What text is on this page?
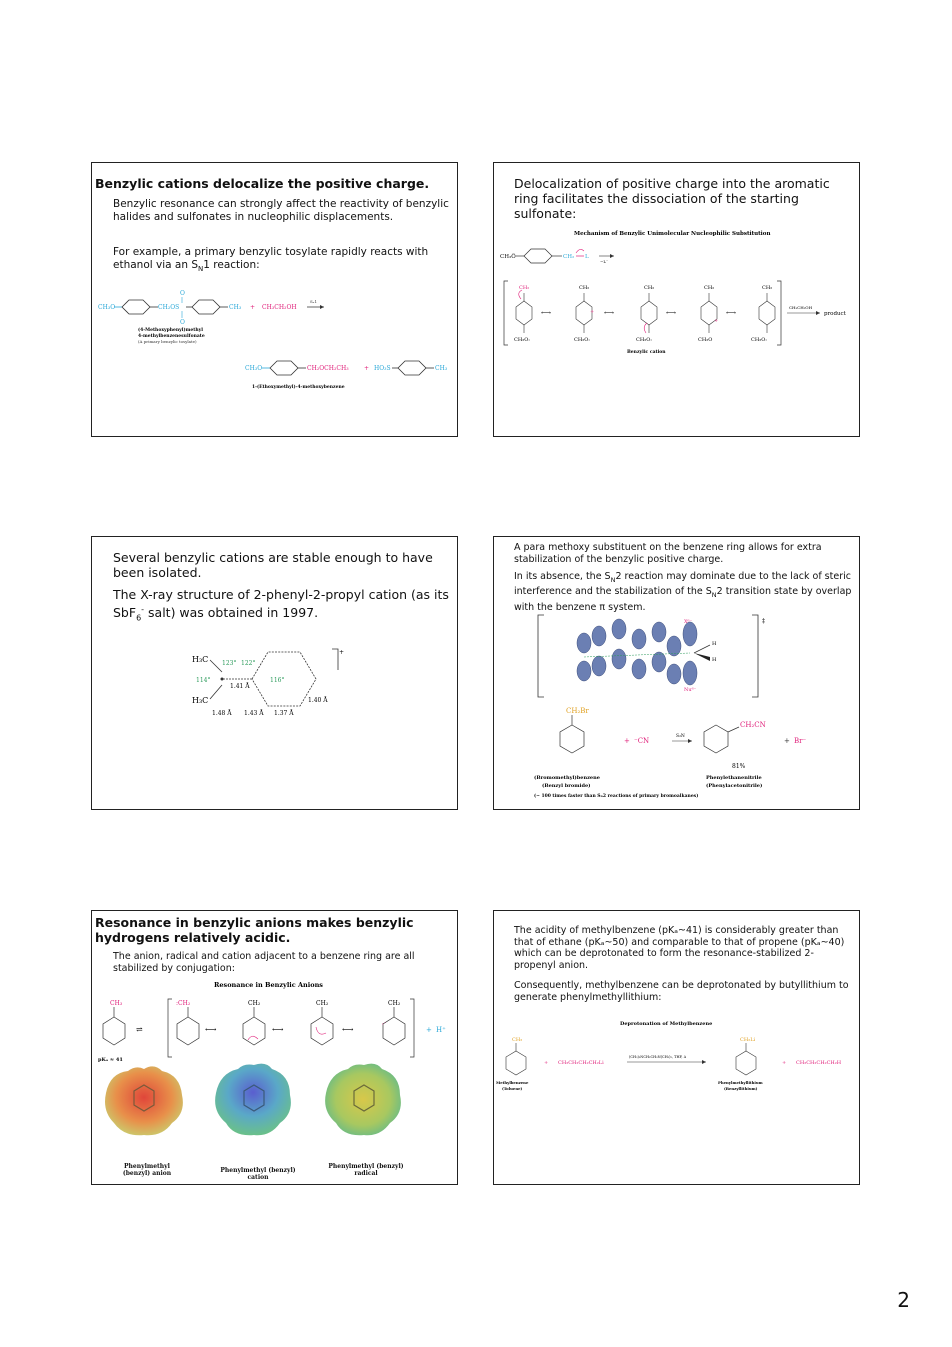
Benzylic cations delocalize the positive charge.
Benzylic resonance can strongly affect the reactivity of benzylic halides and sulfonates in nucleophilic displacements.
For example, a primary benzylic tosylate rapidly reacts with ethanol via an $S_N1$ reaction:
CH₃O	CH₂OS
O
O
CH₃ + CH₃CH₂OH
Sₙ1
(4-Methoxyphenyl)methyl
4-methylbenzenesulfonate
(A primary benzylic tosylate)
CH₃O	CH₂OCH₂CH₃	+ HO₃S	CH₃
1-(Ethoxymethyl)-4-methoxybenzene
Delocalization of positive charge into the aromatic ring facilitates the dissociation of the starting sulfonate:
Mechanism of Benzylic Unimolecular Nucleophilic Substitution
CH₃Ö	CH₂ L
−L⁻
CH₂
CH₃O:
⟷
CH₂
CH₃O:
+ ⟷
CH₂
CH₃O:
⟷
CH₂
CH₃O
+
⟷
CH₂
CH₃O:
Benzylic cation
CH₃CH₂OH
product
Several benzylic cations are stable enough to have been isolated.
The X-ray structure of 2-phenyl-2-propyl cation (as its SbF$_6$- salt) was obtained in 1997.
H₃C
H₃C
+
123° 122°
114°	116°
1.41 Å
1.40 Å
1.48 Å 1.43 Å 1.37 Å
A para methoxy substituent on the benzene ring allows for extra stabilization of the benzylic positive charge.
In its absence, the $S_N2$ reaction may dominate due to the lack of steric interference and the stabilization of the $S_N2$ transition state by overlap with the benzene π system.
‡
X⁶⁻
Nu⁶⁻
H
H
CH₂Br
+ ⁻CN
S₂N
CH₂CN
+ Br⁻
81%
(Bromomethyl)benzene
(Benzyl bromide)
Phenylethanenitrile
(Phenylacetonitrile)
(~ 100 times faster than Sₙ2 reactions of primary bromoalkanes)
Resonance in benzylic anions makes benzylic hydrogens relatively acidic.
The anion, radical and cation adjacent to a benzene ring are all stabilized by conjugation:
Resonance in Benzylic Anions
CH₃
⇌
:CH₂
⟷
CH₂
⟷
CH₂
⟷
CH₂
:⁻
+ H⁺
pKₐ ≈ 41
Phenylmethyl (benzyl) anion	Phenylmethyl (benzyl) cation
Phenylmethyl (benzyl) radical
The acidity of methylbenzene (pKₐ~41) is considerably greater than that of ethane (pKₐ~50) and comparable to that of propene (pKₐ~40) which can be deprotonated to form the resonance-stabilized 2-propenyl anion.
Consequently, methylbenzene can be deprotonated by butyllithium to generate phenylmethyllithium:
Deprotonation of Methylbenzene
CH₃
+ CH₃CH₂CH₂CH₂Li
(CH₃)₂NCH₂CH₂N(CH₃)₂, THF, Δ
CH₂Li
+ CH₃CH₂CH₂CH₂H
Methylbenzene
(Toluene)
Phenylmethyllithium
(Benzyllithium)
2
